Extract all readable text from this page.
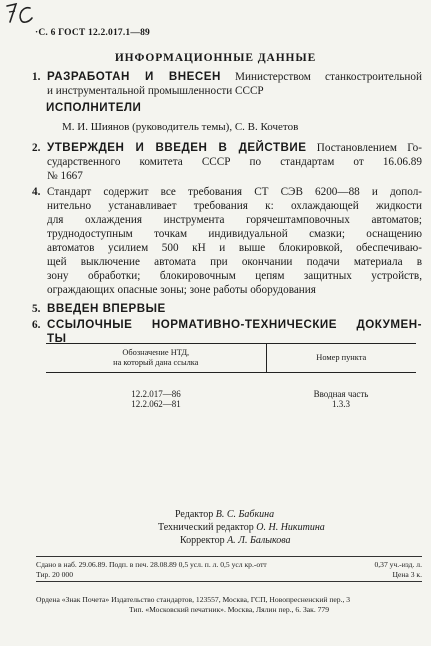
·С. 6 ГОСТ 12.2.017.1—89
ИНФОРМАЦИОННЫЕ ДАННЫЕ
1. РАЗРАБОТАН И ВНЕСЕН Министерством станкостроительной
и инструментальной промышленности СССР
ИСПОЛНИТЕЛИ
М. И. Шиянов (руководитель темы), С. В. Кочетов
2. УТВЕРЖДЕН И ВВЕДЕН В ДЕЙСТВИЕ Постановлением Го-
сударственного комитета СССР по стандартам от 16.06.89
№ 1667
4. Стандарт содержит все требования СТ СЭВ 6200—88 и допол-
нительно устанавливает требования к: охлаждающей жидкости
для охлаждения инструмента горячештамповочных автоматов;
труднодоступным точкам индивидуальной смазки; оснащению
автоматов усилием 500 кН и выше блокировкой, обеспечиваю-
щей выключение автомата при окончании подачи материала в
зону обработки; блокировочным цепям защитных устройств,
ограждающих опасные зоны; зоне работы оборудования
5. ВВЕДЕН ВПЕРВЫЕ
6. ССЫЛОЧНЫЕ НОРМАТИВНО-ТЕХНИЧЕСКИЕ ДОКУМЕН-
ТЫ
Обозначение НТД,
на который дана ссылка	Номер пункта

12.2.017—86	Вводная часть
12.2.062—81	1.3.3
Редактор В. С. Бабкина
Технический редактор О. Н. Никитина
Корректор А. Л. Балыкова
Сдано в наб. 29.06.89. Подп. в печ. 28.08.89 0,5 усл. п. л. 0,5 усл кр.-отт	0,37 уч.-изд. л.
Тир. 20 000	Цена 3 к.
Ордена «Знак Почета» Издательство стандартов, 123557, Москва, ГСП, Новопресненский пер., 3
Тип. «Московский печатник». Москва, Лялин пер., 6. Зак. 779
